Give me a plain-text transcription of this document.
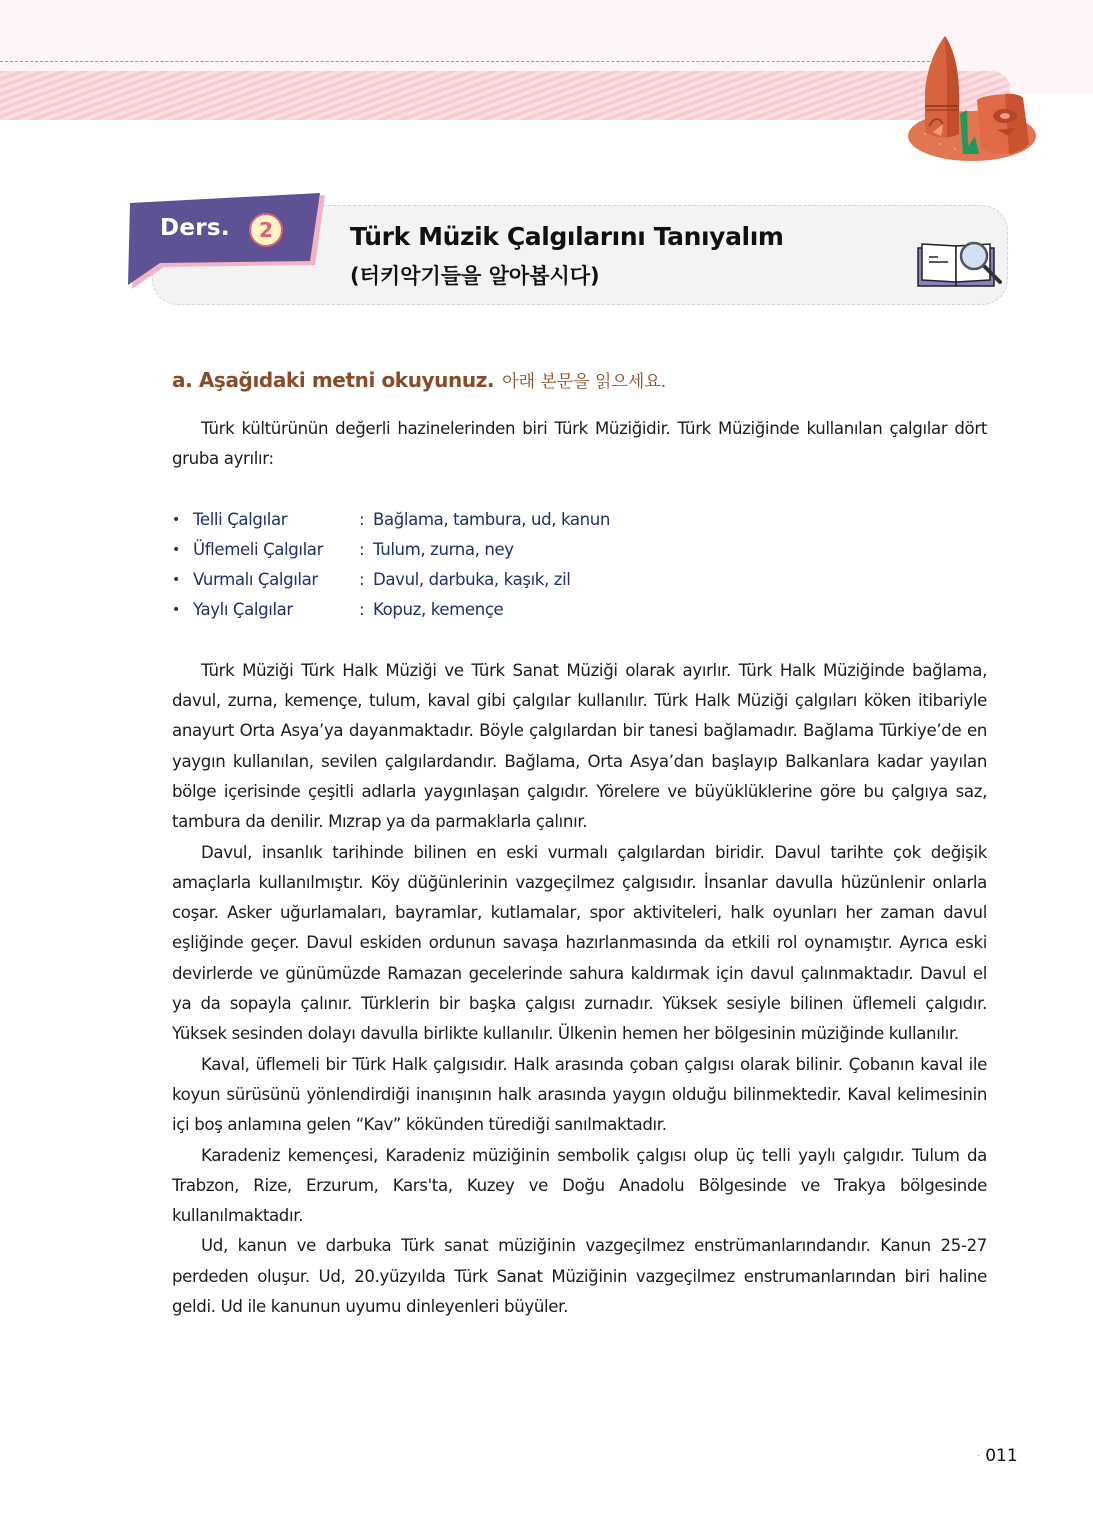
Ders.	2	Türk Müzik Çalgılarını Tanıyalım
(터키악기들을 알아봅시다)
a. Aşağıdaki metni okuyunuz. 아래 본문을 읽으세요.

Türk kültürünün değerli hazinelerinden biri Türk Müziğidir. Türk Müziğinde kullanılan çalgılar dört gruba ayrılır:

• Telli Çalgılar	: Bağlama, tambura, ud, kanun
• Üflemeli Çalgılar	: Tulum, zurna, ney
• Vurmalı Çalgılar	: Davul, darbuka, kaşık, zil
• Yaylı Çalgılar	: Kopuz, kemençe

Türk Müziği Türk Halk Müziği ve Türk Sanat Müziği olarak ayırlır. Türk Halk Müziğinde bağlama, davul, zurna, kemençe, tulum, kaval gibi çalgılar kullanılır. Türk Halk Müziği çalgıları köken itibariyle anayurt Orta Asya’ya dayanmaktadır. Böyle çalgılardan bir tanesi bağlamadır. Bağlama Türkiye’de en yaygın kullanılan, sevilen çalgılardandır. Bağlama, Orta Asya’dan başlayıp Balkanlara kadar yayılan bölge içerisinde çeşitli adlarla yaygınlaşan çalgıdır. Yörelere ve büyüklüklerine göre bu çalgıya saz, tambura da denilir. Mızrap ya da parmaklarla çalınır.

Davul, insanlık tarihinde bilinen en eski vurmalı çalgılardan biridir. Davul tarihte çok değişik amaçlarla kullanılmıştır. Köy düğünlerinin vazgeçilmez çalgısıdır. İnsanlar davulla hüzünlenir onlarla coşar. Asker uğurlamaları, bayramlar, kutlamalar, spor aktiviteleri, halk oyunları her zaman davul eşliğinde geçer. Davul eskiden ordunun savaşa hazırlanmasında da etkili rol oynamıştır. Ayrıca eski devirlerde ve günümüzde Ramazan gecelerinde sahura kaldırmak için davul çalınmaktadır. Davul el ya da sopayla çalınır. Türklerin bir başka çalgısı zurnadır. Yüksek sesiyle bilinen üflemeli çalgıdır. Yüksek sesinden dolayı davulla birlikte kullanılır. Ülkenin hemen her bölgesinin müziğinde kullanılır.

Kaval, üflemeli bir Türk Halk çalgısıdır. Halk arasında çoban çalgısı olarak bilinir. Çobanın kaval ile koyun sürüsünü yönlendirdiği inanışının halk arasında yaygın olduğu bilinmektedir. Kaval kelimesinin içi boş anlamına gelen “Kav” kökünden türediği sanılmaktadır.

Karadeniz kemençesi, Karadeniz müziğinin sembolik çalgısı olup üç telli yaylı çalgıdır. Tulum da Trabzon, Rize, Erzurum, Kars'ta, Kuzey ve Doğu Anadolu Bölgesinde ve Trakya bölgesinde kullanılmaktadır.

Ud, kanun ve darbuka Türk sanat müziğinin vazgeçilmez enstrümanlarındandır. Kanun 25-27 perdeden oluşur. Ud, 20.yüzyılda Türk Sanat Müziğinin vazgeçilmez enstrumanlarından biri haline geldi. Ud ile kanunun uyumu dinleyenleri büyüler.

· 011
